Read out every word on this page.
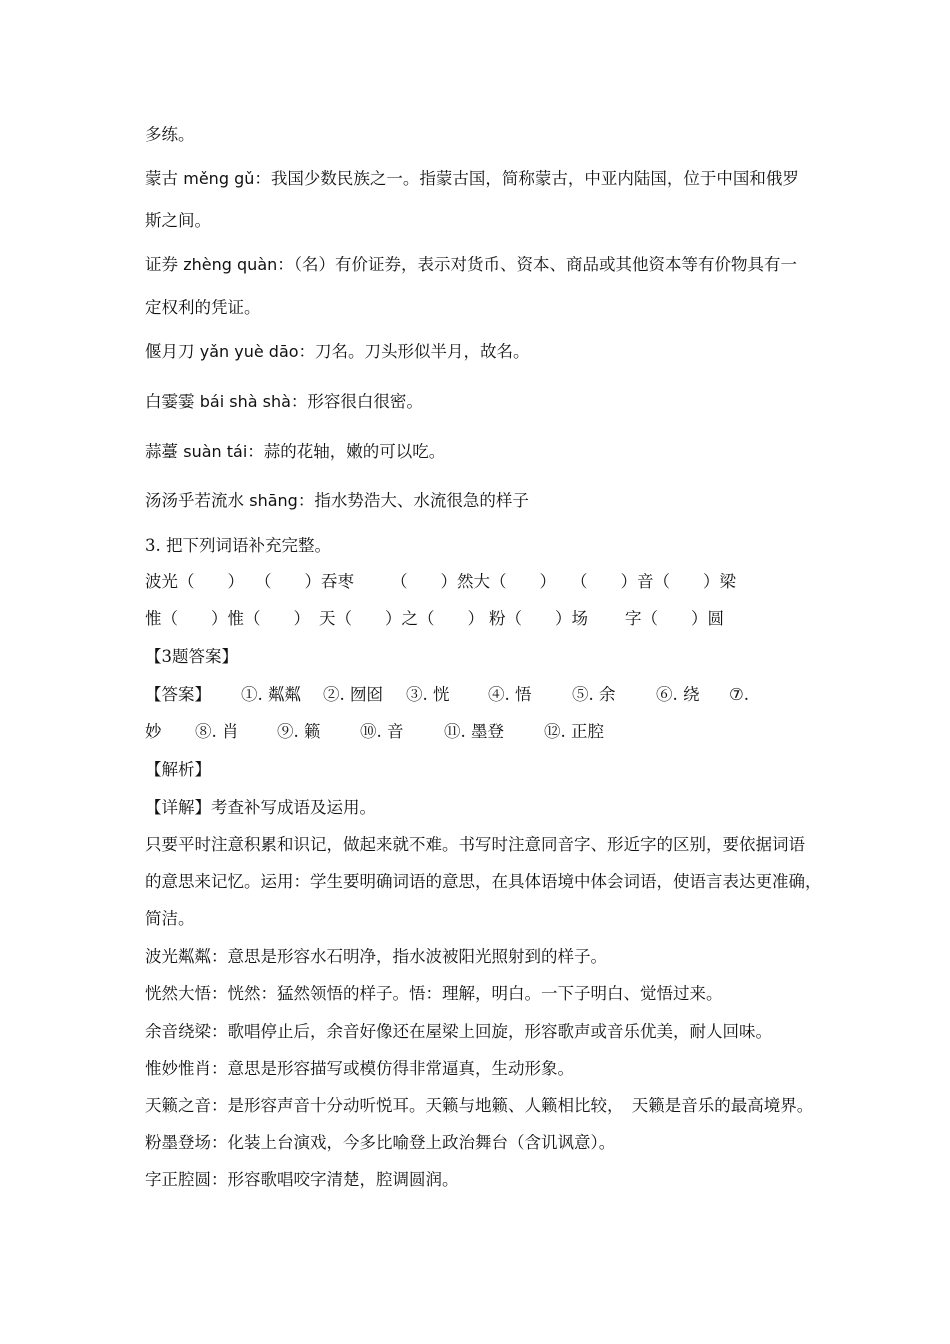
多练。
蒙古 měng gǔ：我国少数民族之一。指蒙古国，简称蒙古，中亚内陆国，位于中国和俄罗
斯之间。
证券 zhèng quàn：（名）有价证券，表示对货币、资本、商品或其他资本等有价物具有一
定权利的凭证。
偃月刀 yǎn yuè dāo：刀名。刀头形似半月，故名。
白霎霎 bái shà shà：形容很白很密。
蒜薹 suàn tái：蒜的花轴，嫩的可以吃。
汤汤乎若流水 shāng：指水势浩大、水流很急的样子
3. 把下列词语补充完整。
波光（　　） （　　）吞枣 （　　）然大（　　） （　　）音（　　）梁
惟（　　）惟（　　） 天（　　）之（　　） 粉（　　）场 字（　　）圆
【3题答案】
【答案】 ①. 粼粼 ②. 囫囵 ③. 恍 ④. 悟 ⑤. 余 ⑥. 绕 ⑦.
妙 ⑧. 肖 ⑨. 籁 ⑩. 音 ⑪. 墨登 ⑫. 正腔
【解析】
【详解】考查补写成语及运用。
只要平时注意积累和识记，做起来就不难。书写时注意同音字、形近字的区别，要依据词语
的意思来记忆。运用：学生要明确词语的意思，在具体语境中体会词语，使语言表达更准确，
简洁。
波光粼粼：意思是形容水石明净，指水波被阳光照射到的样子。
恍然大悟：恍然：猛然领悟的样子。悟：理解，明白。一下子明白、觉悟过来。
余音绕梁：歌唱停止后，余音好像还在屋梁上回旋，形容歌声或音乐优美，耐人回味。
惟妙惟肖：意思是形容描写或模仿得非常逼真，生动形象。
天籁之音：是形容声音十分动听悦耳。天籁与地籁、人籁相比较，　天籁是音乐的最高境界。
粉墨登场：化装上台演戏，今多比喻登上政治舞台（含讥讽意）。
字正腔圆：形容歌唱咬字清楚，腔调圆润。
